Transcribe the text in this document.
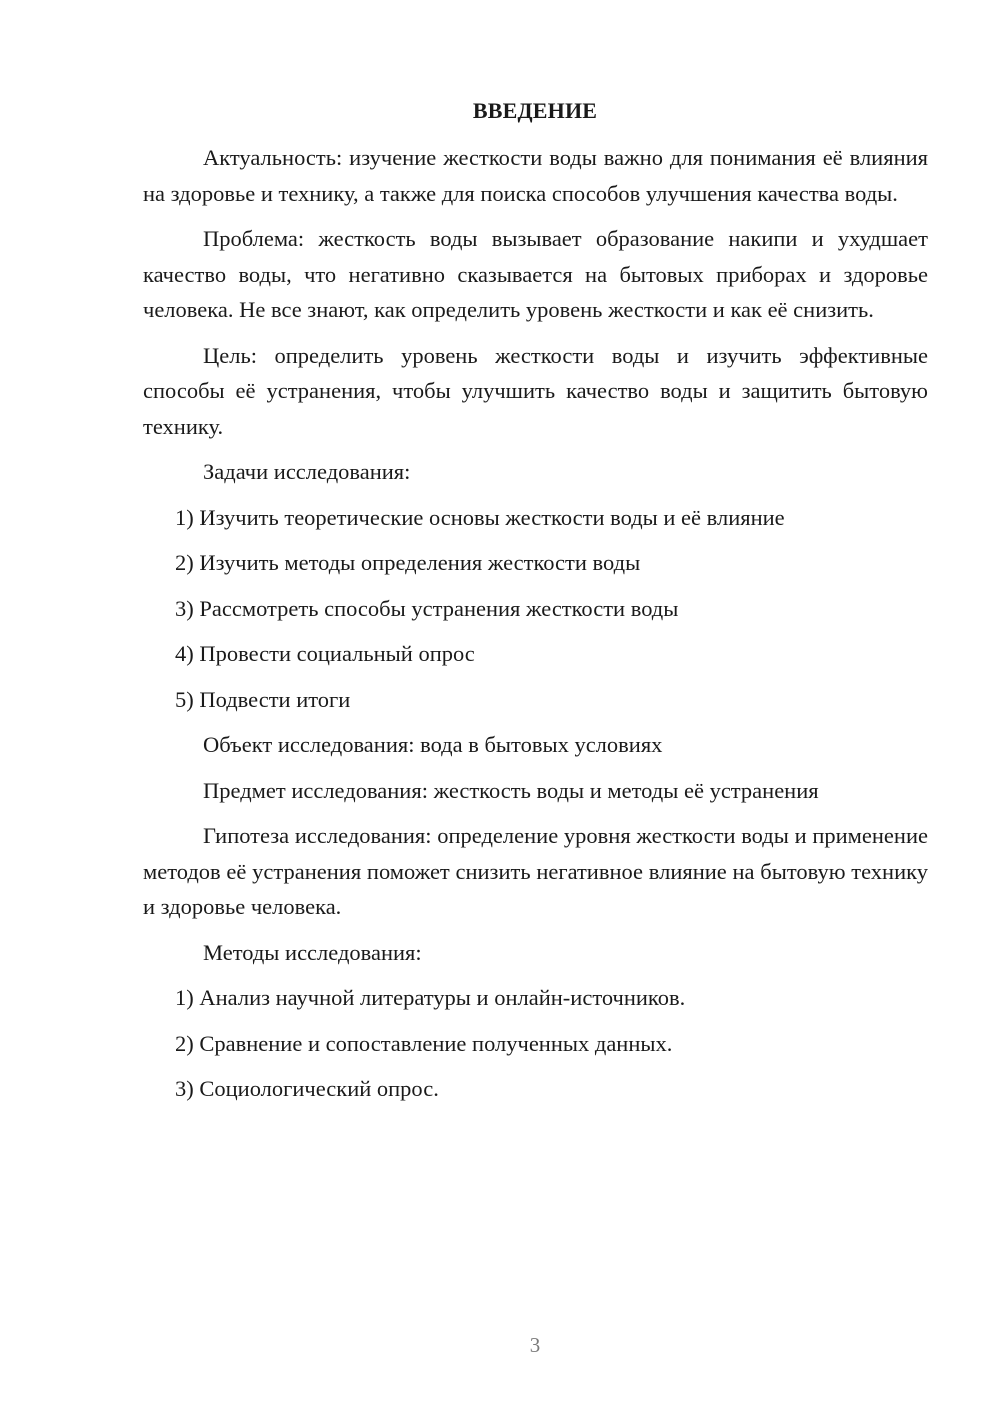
ВВЕДЕНИЕ

Актуальность: изучение жесткости воды важно для понимания её влияния на здоровье и технику, а также для поиска способов улучшения качества воды.

Проблема: жесткость воды вызывает образование накипи и ухудшает качество воды, что негативно сказывается на бытовых приборах и здоровье человека. Не все знают, как определить уровень жесткости и как её снизить.

Цель: определить уровень жесткости воды и изучить эффективные способы её устранения, чтобы улучшить качество воды и защитить бытовую технику.

Задачи исследования:

1) Изучить теоретические основы жесткости воды и её влияние

2) Изучить методы определения жесткости воды

3) Рассмотреть способы устранения жесткости воды

4) Провести социальный опрос

5) Подвести итоги

Объект исследования: вода в бытовых условиях

Предмет исследования: жесткость воды и методы её устранения

Гипотеза исследования: определение уровня жесткости воды и применение методов её устранения поможет снизить негативное влияние на бытовую технику и здоровье человека.

Методы исследования:

1) Анализ научной литературы и онлайн-источников.

2) Сравнение и сопоставление полученных данных.

3) Социологический опрос.

3
